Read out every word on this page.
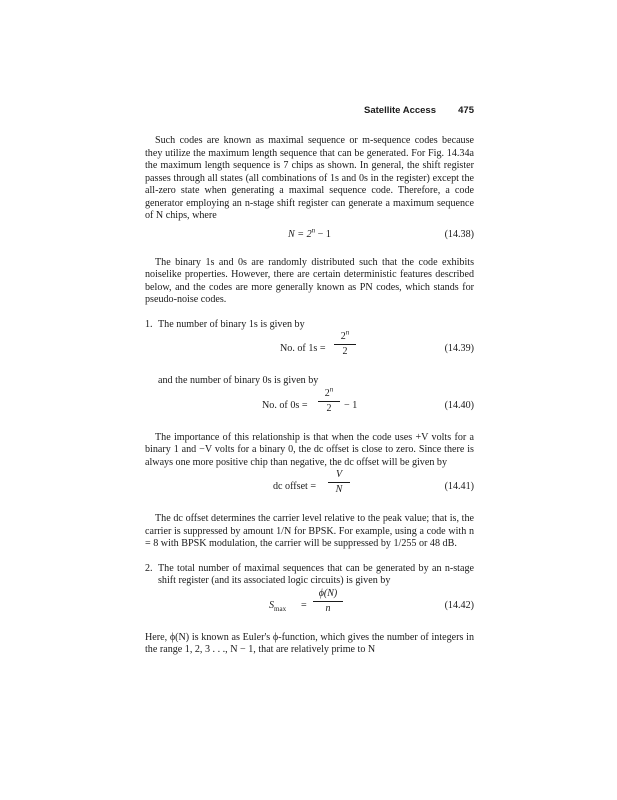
Satellite Access 475

Such codes are known as maximal sequence or m-sequence codes because they utilize the maximum length sequence that can be generated. For Fig. 14.34a the maximum length sequence is 7 chips as shown. In general, the shift register passes through all states (all combinations of 1s and 0s in the register) except the all-zero state when generating a maximal sequence code. Therefore, a code generator employing an n-stage shift register can generate a maximum sequence of N chips, where

$N = 2^n - 1$	(14.38)

The binary 1s and 0s are randomly distributed such that the code exhibits noiselike properties. However, there are certain deterministic features described below, and the codes are more generally known as PN codes, which stands for pseudo-noise codes.

1. The number of binary 1s is given by

No. of 1s =
$2^n$
2	(14.39)

and the number of binary 0s is given by

No. of 0s =
$2^n$
2	− 1	(14.40)

The importance of this relationship is that when the code uses +V volts for a binary 1 and −V volts for a binary 0, the dc offset is close to zero. Since there is always one more positive chip than negative, the dc offset will be given by

dc offset =
V
N	(14.41)

The dc offset determines the carrier level relative to the peak value; that is, the carrier is suppressed by amount 1/N for BPSK. For example, using a code with n = 8 with BPSK modulation, the carrier will be suppressed by 1/255 or 48 dB.

2. The total number of maximal sequences that can be generated by an n-stage shift register (and its associated logic circuits) is given by

$S_{max}$ =
ϕ(N)
n	(14.42)

Here, ϕ(N) is known as Euler's ϕ-function, which gives the number of integers in the range 1, 2, 3 . . ., N − 1, that are relatively prime to N
